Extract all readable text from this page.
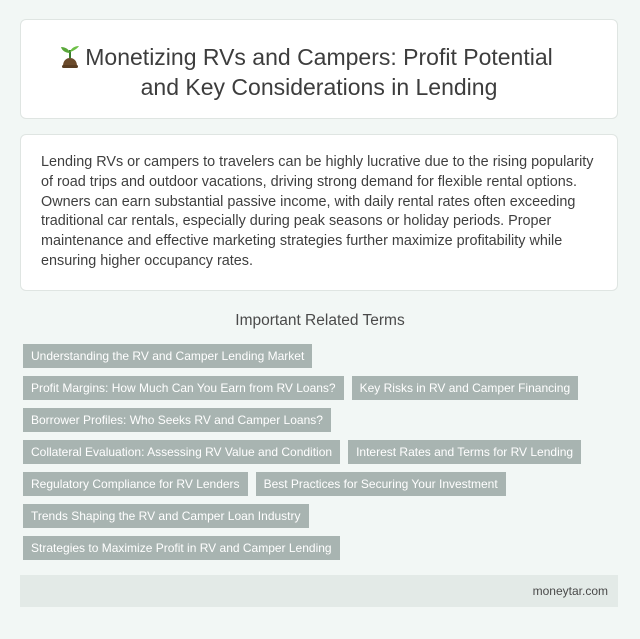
Monetizing RVs and Campers: Profit Potential
and Key Considerations in Lending

Lending RVs or campers to travelers can be highly lucrative due to the rising popularity of road trips and outdoor vacations, driving strong demand for flexible rental options. Owners can earn substantial passive income, with daily rental rates often exceeding traditional car rentals, especially during peak seasons or holiday periods. Proper maintenance and effective marketing strategies further maximize profitability while ensuring higher occupancy rates.

Important Related Terms
Understanding the RV and Camper Lending Market
Profit Margins: How Much Can You Earn from RV Loans?	Key Risks in RV and Camper Financing
Borrower Profiles: Who Seeks RV and Camper Loans?
Collateral Evaluation: Assessing RV Value and Condition	Interest Rates and Terms for RV Lending
Regulatory Compliance for RV Lenders	Best Practices for Securing Your Investment
Trends Shaping the RV and Camper Loan Industry
Strategies to Maximize Profit in RV and Camper Lending
moneytar.com
